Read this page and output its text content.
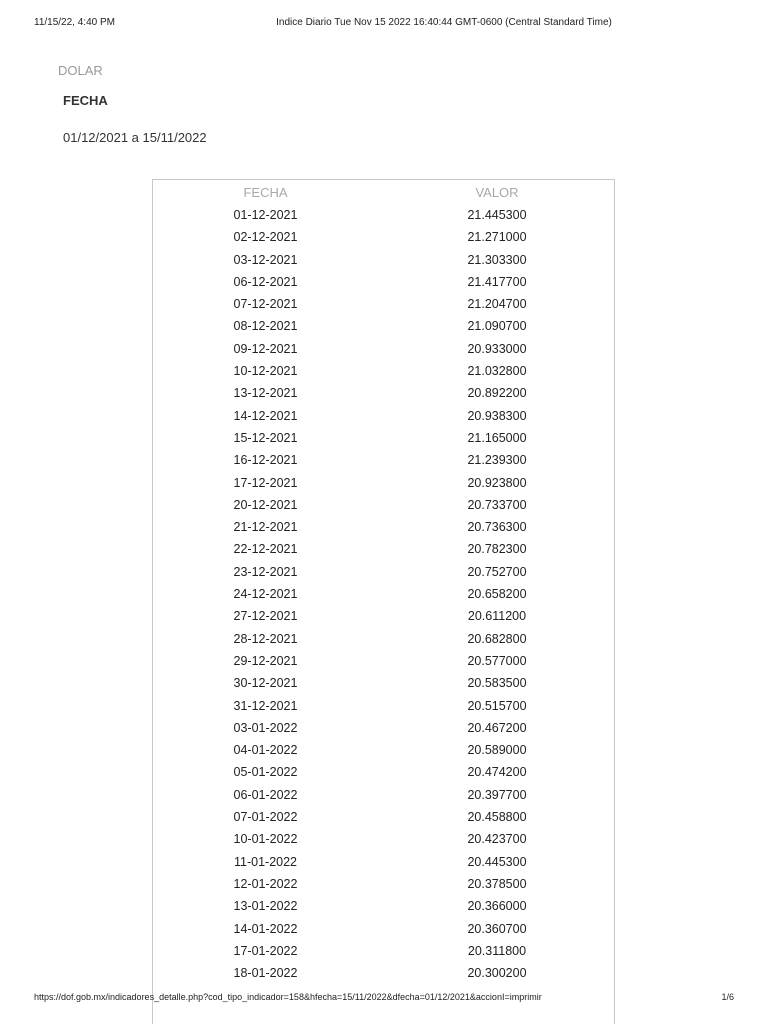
11/15/22, 4:40 PM	Indice Diario Tue Nov 15 2022 16:40:44 GMT-0600 (Central Standard Time)
DOLAR
FECHA
01/12/2021 a 15/11/2022
FECHA	VALOR
01-12-2021	21.445300
02-12-2021	21.271000
03-12-2021	21.303300
06-12-2021	21.417700
07-12-2021	21.204700
08-12-2021	21.090700
09-12-2021	20.933000
10-12-2021	21.032800
13-12-2021	20.892200
14-12-2021	20.938300
15-12-2021	21.165000
16-12-2021	21.239300
17-12-2021	20.923800
20-12-2021	20.733700
21-12-2021	20.736300
22-12-2021	20.782300
23-12-2021	20.752700
24-12-2021	20.658200
27-12-2021	20.611200
28-12-2021	20.682800
29-12-2021	20.577000
30-12-2021	20.583500
31-12-2021	20.515700
03-01-2022	20.467200
04-01-2022	20.589000
05-01-2022	20.474200
06-01-2022	20.397700
07-01-2022	20.458800
10-01-2022	20.423700
11-01-2022	20.445300
12-01-2022	20.378500
13-01-2022	20.366000
14-01-2022	20.360700
17-01-2022	20.311800
18-01-2022	20.300200
https://dof.gob.mx/indicadores_detalle.php?cod_tipo_indicador=158&hfecha=15/11/2022&dfecha=01/12/2021&accionI=imprimir	1/6
